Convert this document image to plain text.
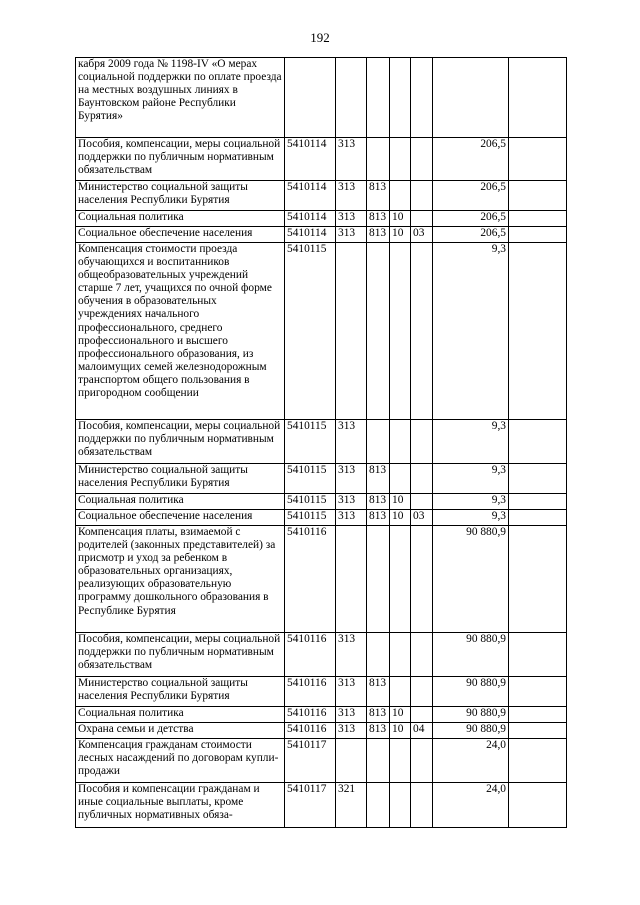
192
кабря 2009 года № 1198-IV «О мерах социальной поддержки по оплате проезда на местных воздушных линиях в Баунтовском районе Республики Бурятия»							
Пособия, компенсации, меры социальной поддержки по публичным нормативным обязательствам	5410114	313				206,5	
Министерство социальной защиты населения Республики Бурятия	5410114	313	813			206,5	
Социальная политика	5410114	313	813	10		206,5	
Социальное обеспечение населения	5410114	313	813	10	03	206,5	
Компенсация стоимости проезда обучающихся и воспитанников общеобразовательных учреждений старше 7 лет, учащихся по очной форме обучения в образовательных учреждениях начального профессионального, среднего профессионального и высшего профессионального образования, из малоимущих семей железнодорожным транспортом общего пользования в пригородном сообщении	5410115					9,3	
Пособия, компенсации, меры социальной поддержки по публичным нормативным обязательствам	5410115	313				9,3	
Министерство социальной защиты населения Республики Бурятия	5410115	313	813			9,3	
Социальная политика	5410115	313	813	10		9,3	
Социальное обеспечение населения	5410115	313	813	10	03	9,3	
Компенсация платы, взимаемой с родителей (законных представителей) за присмотр и уход за ребенком в образовательных организациях, реализующих образовательную программу дошкольного образования в Республике Бурятия	5410116					90 880,9	
Пособия, компенсации, меры социальной поддержки по публичным нормативным обязательствам	5410116	313				90 880,9	
Министерство социальной защиты населения Республики Бурятия	5410116	313	813			90 880,9	
Социальная политика	5410116	313	813	10		90 880,9	
Охрана семьи и детства	5410116	313	813	10	04	90 880,9	
Компенсация гражданам стоимости лесных насаждений по договорам купли-продажи	5410117					24,0	
Пособия и компенсации гражданам и иные социальные выплаты, кроме публичных нормативных обяза-	5410117	321				24,0	
